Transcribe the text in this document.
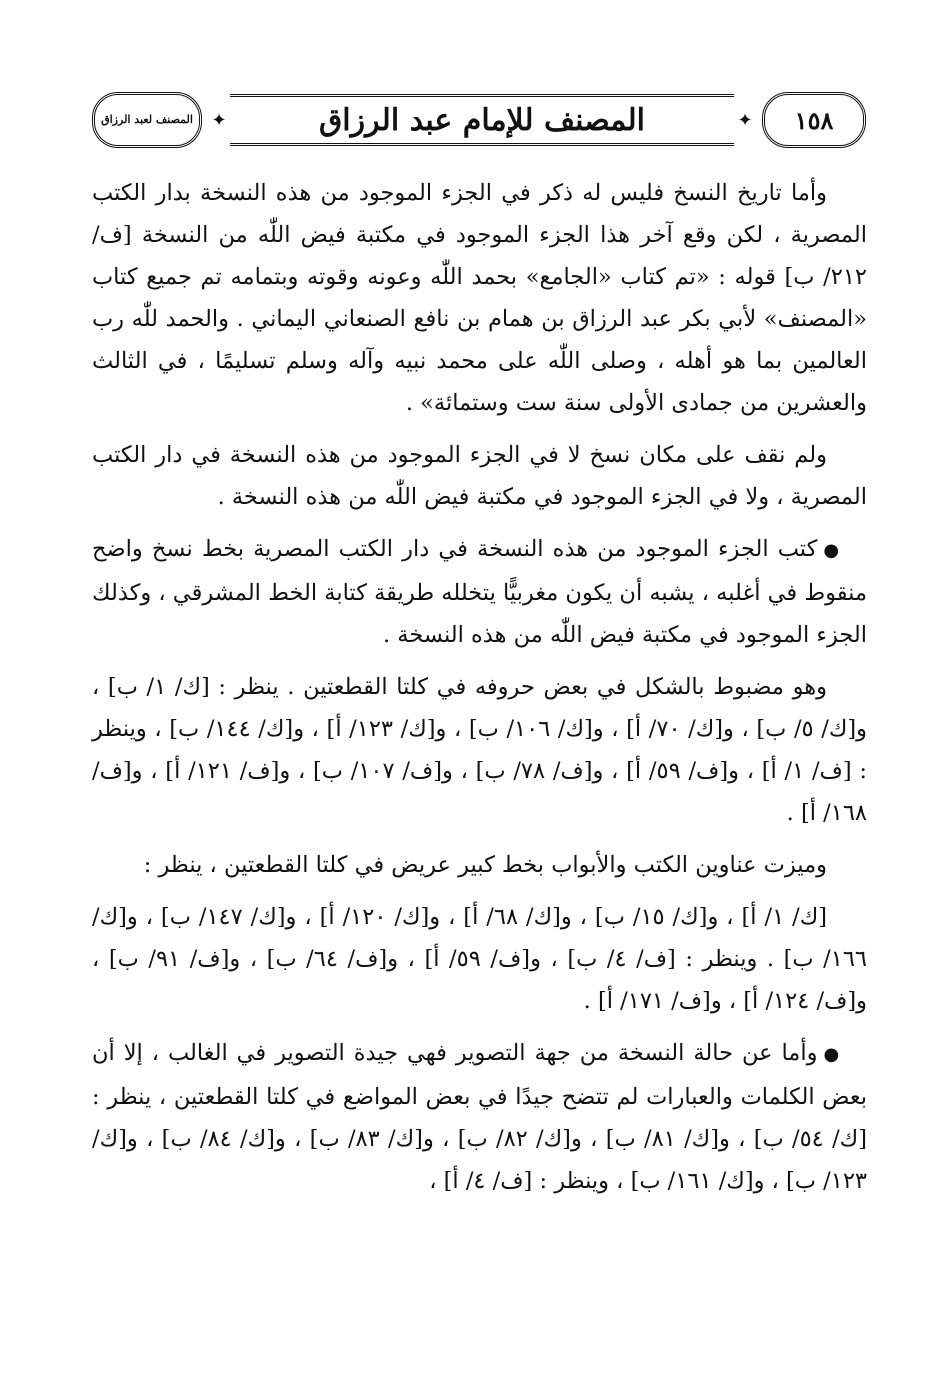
١٥٨
✦
المصنف للإمام عبد الرزاق
✦
المصنف لعبد الرزاق

وأما تاريخ النسخ فليس له ذكر في الجزء الموجود من هذه النسخة بدار الكتب المصرية ، لكن وقع آخر هذا الجزء الموجود في مكتبة فيض اللّٰه من النسخة [ف/ ٢١٢/ ب] قوله : «تم كتاب «الجامع» بحمد اللّٰه وعونه وقوته وبتمامه تم جميع كتاب «المصنف» لأبي بكر عبد الرزاق بن همام بن نافع الصنعاني اليماني . والحمد للّٰه رب العالمين بما هو أهله ، وصلى اللّٰه على محمد نبيه وآله وسلم تسليمًا ، في الثالث والعشرين من جمادى الأولى سنة ست وستمائة» .

ولم نقف على مكان نسخ لا في الجزء الموجود من هذه النسخة في دار الكتب المصرية ، ولا في الجزء الموجود في مكتبة فيض اللّٰه من هذه النسخة .

●كتب الجزء الموجود من هذه النسخة في دار الكتب المصرية بخط نسخ واضح منقوط في أغلبه ، يشبه أن يكون مغربيًّا يتخلله طريقة كتابة الخط المشرقي ، وكذلك الجزء الموجود في مكتبة فيض اللّٰه من هذه النسخة .

وهو مضبوط بالشكل في بعض حروفه في كلتا القطعتين . ينظر : [ك/ ١/ ب] ، و[ك/ ٥/ ب] ، و[ك/ ٧٠/ أ] ، و[ك/ ١٠٦/ ب] ، و[ك/ ١٢٣/ أ] ، و[ك/ ١٤٤/ ب] ، وينظر : [ف/ ١/ أ] ، و[ف/ ٥٩/ أ] ، و[ف/ ٧٨/ ب] ، و[ف/ ١٠٧/ ب] ، و[ف/ ١٢١/ أ] ، و[ف/ ١٦٨/ أ] .

وميزت عناوين الكتب والأبواب بخط كبير عريض في كلتا القطعتين ، ينظر :

[ك/ ١/ أ] ، و[ك/ ١٥/ ب] ، و[ك/ ٦٨/ أ] ، و[ك/ ١٢٠/ أ] ، و[ك/ ١٤٧/ ب] ، و[ك/ ١٦٦/ ب] . وينظر : [ف/ ٤/ ب] ، و[ف/ ٥٩/ أ] ، و[ف/ ٦٤/ ب] ، و[ف/ ٩١/ ب] ، و[ف/ ١٢٤/ أ] ، و[ف/ ١٧١/ أ] .

●وأما عن حالة النسخة من جهة التصوير فهي جيدة التصوير في الغالب ، إلا أن بعض الكلمات والعبارات لم تتضح جيدًا في بعض المواضع في كلتا القطعتين ، ينظر : [ك/ ٥٤/ ب] ، و[ك/ ٨١/ ب] ، و[ك/ ٨٢/ ب] ، و[ك/ ٨٣/ ب] ، و[ك/ ٨٤/ ب] ، و[ك/ ١٢٣/ ب] ، و[ك/ ١٦١/ ب] ، وينظر : [ف/ ٤/ أ] ،
